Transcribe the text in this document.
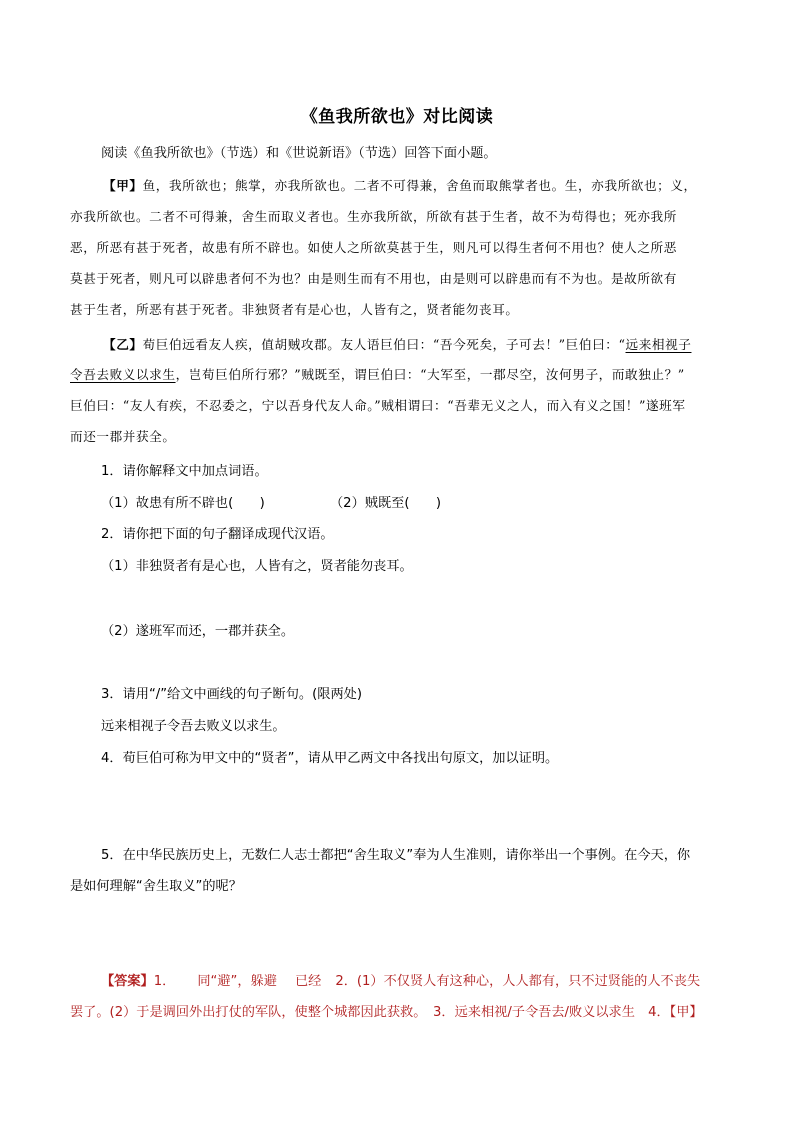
《鱼我所欲也》对比阅读
阅读《鱼我所欲也》（节选）和《世说新语》（节选）回答下面小题。
【甲】鱼，我所欲也；熊掌，亦我所欲也。二者不可得兼，舍鱼而取熊掌者也。生，亦我所欲也；义，
亦我所欲也。二者不可得兼，舍生而取义者也。生亦我所欲，所欲有甚于生者，故不为苟得也；死亦我所
恶，所恶有甚于死者，故患有所不辟也。如使人之所欲莫甚于生，则凡可以得生者何不用也？使人之所恶
莫甚于死者，则凡可以辟患者何不为也？由是则生而有不用也，由是则可以辟患而有不为也。是故所欲有
甚于生者，所恶有甚于死者。非独贤者有是心也，人皆有之，贤者能勿丧耳。
【乙】荀巨伯远看友人疾，值胡贼攻郡。友人语巨伯曰：“吾今死矣，子可去！”巨伯曰：“远来相视子
令吾去败义以求生，岂荀巨伯所行邪？”贼既至，谓巨伯曰：“大军至，一郡尽空，汝何男子，而敢独止？”
巨伯曰：“友人有疾，不忍委之，宁以吾身代友人命。”贼相谓曰：“吾辈无义之人，而入有义之国！”遂班军
而还一郡并获全。
1．请你解释文中加点词语。
（1）故患有所不辟也(　　)	（2）贼既至(　　)
2．请你把下面的句子翻译成现代汉语。
（1）非独贤者有是心也，人皆有之，贤者能勿丧耳。
（2）遂班军而还，一郡并获全。
3．请用“/”给文中画线的句子断句。(限两处)
远来相视子令吾去败义以求生。
4．荀巨伯可称为甲文中的“贤者”，请从甲乙两文中各找出句原文，加以证明。
5．在中华民族历史上，无数仁人志士都把“舍生取义”奉为人生准则，请你举出一个事例。在今天，你
是如何理解“舍生取义”的呢？
【答案】1． 同“避”，躲避 已经 2．(1）不仅贤人有这种心，人人都有，只不过贤能的人不丧失
罢了。(2）于是调回外出打仗的军队，使整个城都因此获救。　3．远来相视/子令吾去/败义以求生　4．【甲】
